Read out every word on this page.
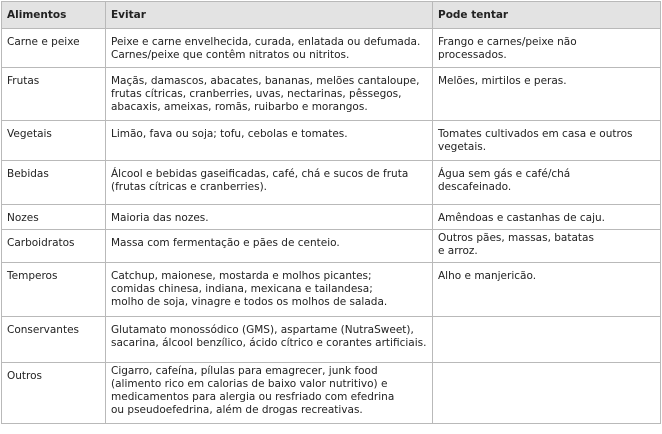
Alimentos	Evitar	Pode tentar

Carne e peixe	Peixe e carne envelhecida, curada, enlatada ou defumada.
Carnes/peixe que contêm nitratos ou nitritos.	Frango e carnes/peixe não
processados.

Frutas	Maçãs, damascos, abacates, bananas, melões cantaloupe,
frutas cítricas, cranberries, uvas, nectarinas, pêssegos,
abacaxis, ameixas, romãs, ruibarbo e morangos.	Melões, mirtilos e peras.

Vegetais	Limão, fava ou soja; tofu, cebolas e tomates.	Tomates cultivados em casa e outros
vegetais.

Bebidas	Álcool e bebidas gaseificadas, café, chá e sucos de fruta
(frutas cítricas e cranberries).	Água sem gás e café/chá
descafeinado.

Nozes	Maioria das nozes.	Amêndoas e castanhas de caju.

Carboidratos	Massa com fermentação e pães de centeio.	Outros pães, massas, batatas
e arroz.

Temperos	Catchup, maionese, mostarda e molhos picantes;
comidas chinesa, indiana, mexicana e tailandesa;
molho de soja, vinagre e todos os molhos de salada.	Alho e manjericão.

Conservantes	Glutamato monossódico (GMS), aspartame (NutraSweet),
sacarina, álcool benzílico, ácido cítrico e corantes artificiais.	

Outros	Cigarro, cafeína, pílulas para emagrecer, junk food
(alimento rico em calorias de baixo valor nutritivo) e
medicamentos para alergia ou resfriado com efedrina
ou pseudoefedrina, além de drogas recreativas.	
